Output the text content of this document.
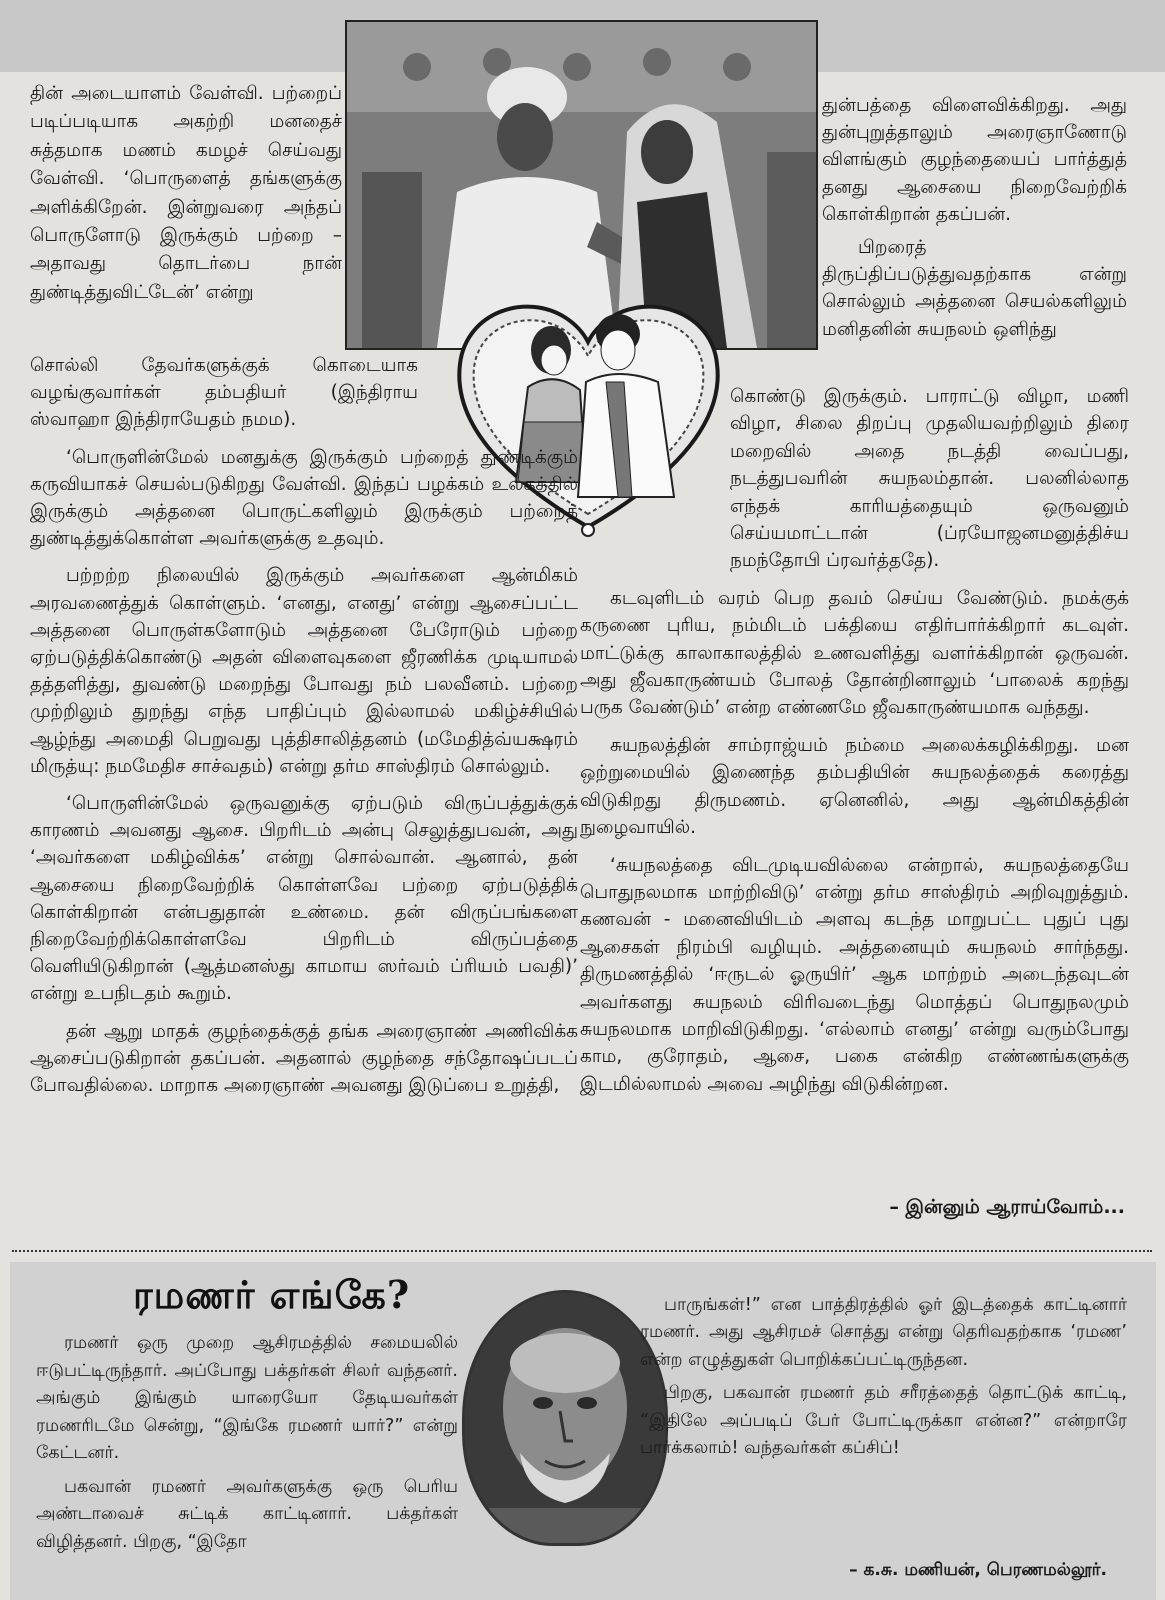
தின் அடையாளம் வேள்வி. பற்றைப் படிப்படியாக அகற்றி மனதைச் சுத்தமாக மணம் கமழச் செய்வது வேள்வி. ‘பொருளைத் தங்களுக்கு அளிக்கிறேன். இன்றுவரை அந்தப் பொருளோடு இருக்கும் பற்றை – அதாவது தொடர்பை நான் துண்டித்துவிட்டேன்’ என்று

சொல்லி தேவர்களுக்குக் கொடையாக வழங்குவார்கள் தம்பதியர் (இந்திராய ஸ்வாஹா இந்திராயேதம் நமம).

‘பொருளின்மேல் மனதுக்கு இருக்கும் பற்றைத் துண்டிக்கும் கருவியாகச் செயல்படுகிறது வேள்வி. இந்தப் பழக்கம் உலகத்தில் இருக்கும் அத்தனை பொருட்களிலும் இருக்கும் பற்றைத் துண்டித்துக்கொள்ள அவர்களுக்கு உதவும்.

பற்றற்ற நிலையில் இருக்கும் அவர்களை ஆன்மிகம் அரவணைத்துக் கொள்ளும். ‘எனது, எனது’ என்று ஆசைப்பட்ட அத்தனை பொருள்களோடும் அத்தனை பேரோடும் பற்றை ஏற்படுத்திக்கொண்டு அதன் விளைவுகளை ஜீரணிக்க முடியாமல் தத்தளித்து, துவண்டு மறைந்து போவது நம் பலவீனம். பற்றை முற்றிலும் துறந்து எந்த பாதிப்பும் இல்லாமல் மகிழ்ச்சியில் ஆழ்ந்து அமைதி பெறுவது புத்திசாலித்தனம் (மமேதித்வ்யக்ஷரம் மிருத்யு: நமமேதிச சாச்வதம்) என்று தர்ம சாஸ்திரம் சொல்லும்.

‘பொருளின்மேல் ஒருவனுக்கு ஏற்படும் விருப்பத்துக்குக் காரணம் அவனது ஆசை. பிறரிடம் அன்பு செலுத்துபவன், அது ‘அவர்களை மகிழ்விக்க’ என்று சொல்வான். ஆனால், தன் ஆசையை நிறைவேற்றிக் கொள்ளவே பற்றை ஏற்படுத்திக் கொள்கிறான் என்பதுதான் உண்மை. தன் விருப்பங்களை நிறைவேற்றிக்கொள்ளவே பிறரிடம் விருப்பத்தை வெளியிடுகிறான் (ஆத்மனஸ்து காமாய ஸர்வம் ப்ரியம் பவதி)’ என்று உபநிடதம் கூறும்.

தன் ஆறு மாதக் குழந்தைக்குத் தங்க அரைஞாண் அணிவிக்க ஆசைப்படுகிறான் தகப்பன். அதனால் குழந்தை சந்தோஷப்படப் போவதில்லை. மாறாக அரைஞாண் அவனது இடுப்பை உறுத்தி,

துன்பத்தை விளைவிக்கிறது. அது துன்புறுத்தாலும் அரைஞாணோடு விளங்கும் குழந்தையைப் பார்த்துத் தனது ஆசையை நிறைவேற்றிக் கொள்கிறான் தகப்பன்.

பிறரைத் திருப்திப்படுத்துவதற்காக என்று சொல்லும் அத்தனை செயல்களிலும் மனிதனின் சுயநலம் ஒளிந்து

கொண்டு இருக்கும். பாராட்டு விழா, மணி விழா, சிலை திறப்பு முதலியவற்றிலும் திரை மறைவில் அதை நடத்தி வைப்பது, நடத்துபவரின் சுயநலம்தான். பலனில்லாத எந்தக் காரியத்தையும் ஒருவனும் செய்யமாட்டான் (ப்ரயோஜனமனுத்திச்ய நமந்தோபி ப்ரவர்த்ததே).

கடவுளிடம் வரம் பெற தவம் செய்ய வேண்டும். நமக்குக் கருணை புரிய, நம்மிடம் பக்தியை எதிர்பார்க்கிறார் கடவுள். மாட்டுக்கு காலாகாலத்தில் உணவளித்து வளர்க்கிறான் ஒருவன். அது ஜீவகாருண்யம் போலத் தோன்றினாலும் ‘பாலைக் கறந்து பருக வேண்டும்’ என்ற எண்ணமே ஜீவகாருண்யமாக வந்தது.

சுயநலத்தின் சாம்ராஜ்யம் நம்மை அலைக்கழிக்கிறது. மன ஒற்றுமையில் இணைந்த தம்பதியின் சுயநலத்தைக் கரைத்து விடுகிறது திருமணம். ஏனெனில், அது ஆன்மிகத்தின் நுழைவாயில்.

‘சுயநலத்தை விடமுடியவில்லை என்றால், சுயநலத்தையே பொதுநலமாக மாற்றிவிடு’ என்று தர்ம சாஸ்திரம் அறிவுறுத்தும். கணவன் - மனைவியிடம் அளவு கடந்த மாறுபட்ட புதுப் புது ஆசைகள் நிரம்பி வழியும். அத்தனையும் சுயநலம் சார்ந்தது. திருமணத்தில் ‘ஈருடல் ஓருயிர்’ ஆக மாற்றம் அடைந்தவுடன் அவர்களது சுயநலம் விரிவடைந்து மொத்தப் பொதுநலமும் சுயநலமாக மாறிவிடுகிறது. ‘எல்லாம் எனது’ என்று வரும்போது காம, குரோதம், ஆசை, பகை என்கிற எண்ணங்களுக்கு இடமில்லாமல் அவை அழிந்து விடுகின்றன.

– இன்னும் ஆராய்வோம்...
ரமணர் எங்கே?

ரமணர் ஒரு முறை ஆசிரமத்தில் சமையலில் ஈடுபட்டிருந்தார். அப்போது பக்தர்கள் சிலர் வந்தனர். அங்கும் இங்கும் யாரையோ தேடியவர்கள் ரமணரிடமே சென்று, “இங்கே ரமணர் யார்?” என்று கேட்டனர்.

பகவான் ரமணர் அவர்களுக்கு ஒரு பெரிய அண்டாவைச் சுட்டிக் காட்டினார். பக்தர்கள் விழித்தனர். பிறகு, “இதோ

பாருங்கள்!” என பாத்திரத்தில் ஓர் இடத்தைக் காட்டினார் ரமணர். அது ஆசிரமச் சொத்து என்று தெரிவதற்காக ‘ரமண’ என்ற எழுத்துகள் பொறிக்கப்பட்டிருந்தன.

பிறகு, பகவான் ரமணர் தம் சரீரத்தைத் தொட்டுக் காட்டி, “இதிலே அப்படிப் பேர் போட்டிருக்கா என்ன?” என்றாரே பார்க்கலாம்! வந்தவர்கள் கப்சிப்!

– க.சு. மணியன், பெரணமல்லூர்.
